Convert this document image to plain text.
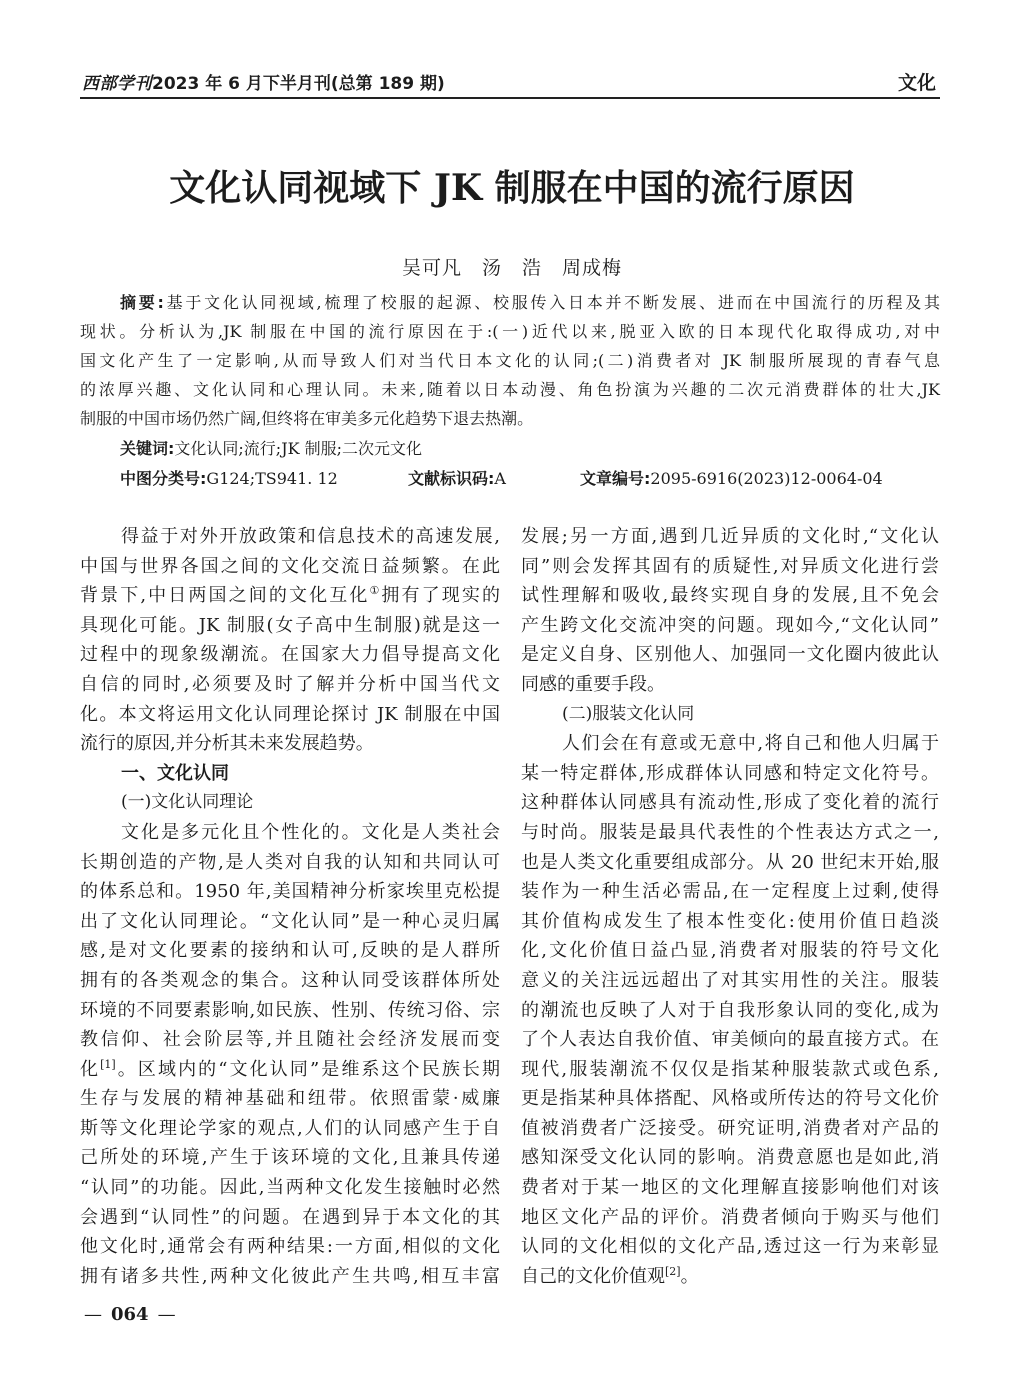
西部学刊2023 年 6 月下半月刊(总第 189 期)	文化
文化认同视域下 JK 制服在中国的流行原因
吴可凡　汤　浩　周成梅
摘要:基于文化认同视域,梳理了校服的起源、校服传入日本并不断发展、进而在中国流行的历程及其
现状。分析认为,JK 制服在中国的流行原因在于:(一)近代以来,脱亚入欧的日本现代化取得成功,对中
国文化产生了一定影响,从而导致人们对当代日本文化的认同;(二)消费者对 JK 制服所展现的青春气息
的浓厚兴趣、文化认同和心理认同。未来,随着以日本动漫、角色扮演为兴趣的二次元消费群体的壮大,JK
制服的中国市场仍然广阔,但终将在审美多元化趋势下退去热潮。
关键词:文化认同;流行;JK 制服;二次元文化
中图分类号:G124;TS941. 12	文献标识码:A	文章编号:2095-6916(2023)12-0064-04
得益于对外开放政策和信息技术的高速发展,
中国与世界各国之间的文化交流日益频繁。在此
背景下,中日两国之间的文化互化①拥有了现实的
具现化可能。JK 制服(女子高中生制服)就是这一
过程中的现象级潮流。在国家大力倡导提高文化
自信的同时,必须要及时了解并分析中国当代文
化。本文将运用文化认同理论探讨 JK 制服在中国
流行的原因,并分析其未来发展趋势。
一、文化认同
(一)文化认同理论
文化是多元化且个性化的。文化是人类社会
长期创造的产物,是人类对自我的认知和共同认可
的体系总和。1950 年,美国精神分析家埃里克松提
出了文化认同理论。“文化认同”是一种心灵归属
感,是对文化要素的接纳和认可,反映的是人群所
拥有的各类观念的集合。这种认同受该群体所处
环境的不同要素影响,如民族、性别、传统习俗、宗
教信仰、社会阶层等,并且随社会经济发展而变
化[1]。区域内的“文化认同”是维系这个民族长期
生存与发展的精神基础和纽带。依照雷蒙·威廉
斯等文化理论学家的观点,人们的认同感产生于自
己所处的环境,产生于该环境的文化,且兼具传递
“认同”的功能。因此,当两种文化发生接触时必然
会遇到“认同性”的问题。在遇到异于本文化的其
他文化时,通常会有两种结果:一方面,相似的文化
拥有诸多共性,两种文化彼此产生共鸣,相互丰富
发展;另一方面,遇到几近异质的文化时,“文化认
同”则会发挥其固有的质疑性,对异质文化进行尝
试性理解和吸收,最终实现自身的发展,且不免会
产生跨文化交流冲突的问题。现如今,“文化认同”
是定义自身、区别他人、加强同一文化圈内彼此认
同感的重要手段。
(二)服装文化认同
人们会在有意或无意中,将自己和他人归属于
某一特定群体,形成群体认同感和特定文化符号。
这种群体认同感具有流动性,形成了变化着的流行
与时尚。服装是最具代表性的个性表达方式之一,
也是人类文化重要组成部分。从 20 世纪末开始,服
装作为一种生活必需品,在一定程度上过剩,使得
其价值构成发生了根本性变化:使用价值日趋淡
化,文化价值日益凸显,消费者对服装的符号文化
意义的关注远远超出了对其实用性的关注。服装
的潮流也反映了人对于自我形象认同的变化,成为
了个人表达自我价值、审美倾向的最直接方式。在
现代,服装潮流不仅仅是指某种服装款式或色系,
更是指某种具体搭配、风格或所传达的符号文化价
值被消费者广泛接受。研究证明,消费者对产品的
感知深受文化认同的影响。消费意愿也是如此,消
费者对于某一地区的文化理解直接影响他们对该
地区文化产品的评价。消费者倾向于购买与他们
认同的文化相似的文化产品,透过这一行为来彰显
自己的文化价值观[2]。
— 064 —
